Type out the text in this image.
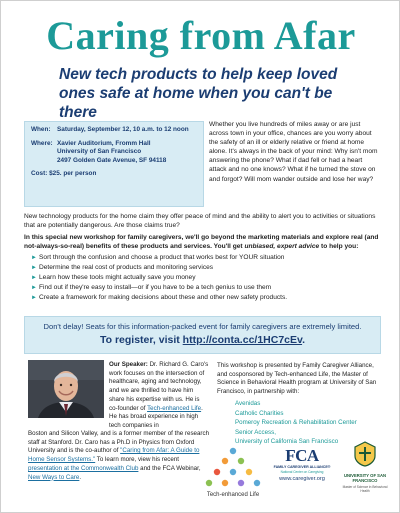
Caring from Afar
New tech products to help keep loved ones safe at home when you can't be there
When:	Saturday, September 12, 10 a.m. to 12 noon
Where: Xavier Auditorium, Fromm Hall
University of San Francisco
2497 Golden Gate Avenue, SF 94118
Cost: $25. per person

Whether you live hundreds of miles away or are just across town in your office, chances are you worry about the safety of an ill or elderly relative or friend at home alone. It's always in the back of your mind: Why isn't mom answering the phone? What if dad fell or had a heart attack and no one knows? What if he turned the stove on and forgot? Will mom wander outside and lose her way?

New technology products for the home claim they offer peace of mind and the ability to alert you to activities or situations that are potentially dangerous. Are those claims true?

In this special new workshop for family caregivers, we'll go beyond the marketing materials and explore real (and not-always-so-real) benefits of these products and services. You'll get unbiased, expert advice to help you:

► Sort through the confusion and choose a product that works best for YOUR situation
► Determine the real cost of products and monitoring services
► Learn how these tools might actually save you money
► Find out if they're easy to install—or if you have to be a tech genius to use them
► Create a framework for making decisions about these and other new safety products.
Don't delay! Seats for this information-packed event for family caregivers are extremely limited.
To register, visit http://conta.cc/1HC7cEv.

Our Speaker: Dr. Richard G. Caro's work focuses on the intersection of healthcare, aging and technology, and we are thrilled to have him share his expertise with us. He is co-founder of Tech-enhanced Life. He has broad experience in high tech companies in

Boston and Silicon Valley, and is a former member of the research staff at Stanford. Dr. Caro has a Ph.D in Physics from Oxford University and is the co-author of "Caring from Afar: A Guide to Home Sensor Systems." To learn more, view his recent presentation at the Commonwealth Club and the FCA Webinar, New Ways to Care.

This workshop is presented by Family Caregiver Alliance, and cosponsored by Tech-enhanced Life, the Master of Science in Behavioral Health program at University of San Francisco, in partnership with:

Avenidas
Catholic Charities
Pomeroy Recreation & Rehabilitation Center
Senior Access,
University of California San Francisco
Tech-enhanced Life
FCA
FAMILY CAREGIVER ALLIANCE®
National Center on Caregiving
www.caregiver.org
UNIVERSITY OF SAN FRANCISCO
Master of Science in Behavioral Health
